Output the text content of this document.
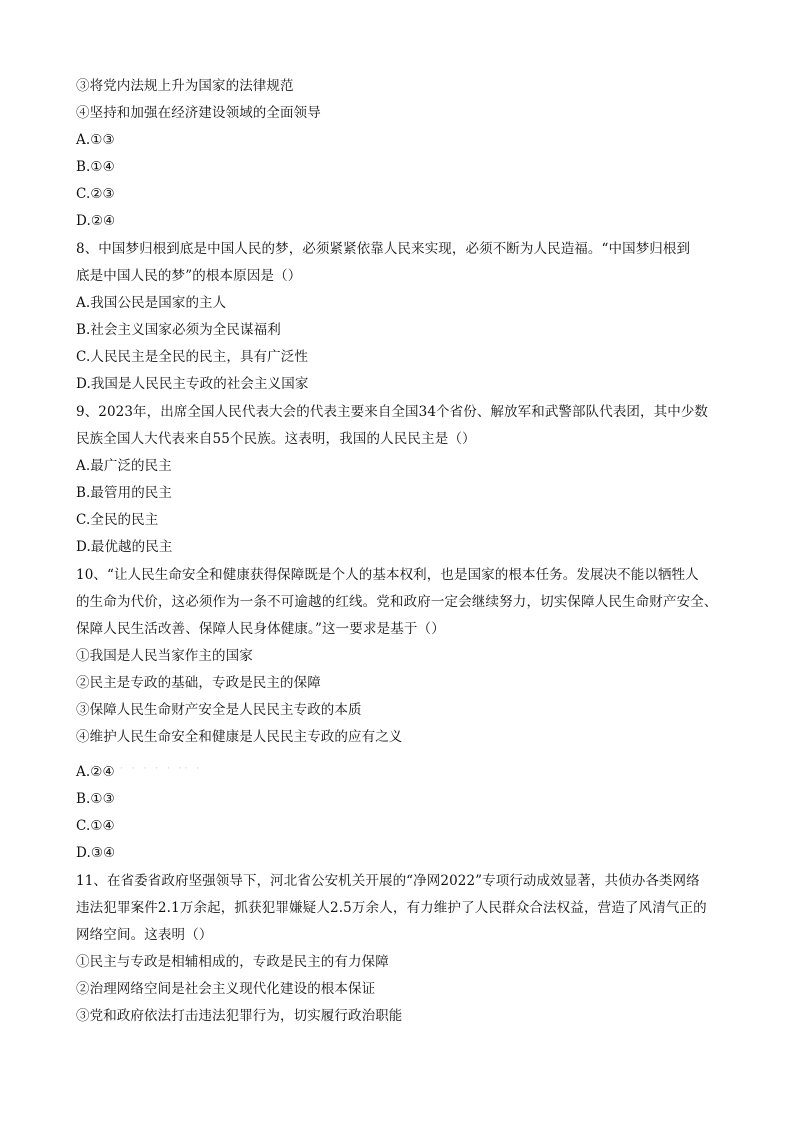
③将党内法规上升为国家的法律规范
④坚持和加强在经济建设领域的全面领导
A.①③
B.①④
C.②③
D.②④
8、中国梦归根到底是中国人民的梦，必须紧紧依靠人民来实现，必须不断为人民造福。“中国梦归根到
底是中国人民的梦”的根本原因是（）
A.我国公民是国家的主人
B.社会主义国家必须为全民谋福利
C.人民民主是全民的民主，具有广泛性
D.我国是人民民主专政的社会主义国家
9、2023年，出席全国人民代表大会的代表主要来自全国34个省份、解放军和武警部队代表团，其中少数
民族全国人大代表来自55个民族。这表明，我国的人民民主是（）
A.最广泛的民主
B.最管用的民主
C.全民的民主
D.最优越的民主
10、“让人民生命安全和健康获得保障既是个人的基本权利，也是国家的根本任务。发展决不能以牺牲人
的生命为代价，这必须作为一条不可逾越的红线。党和政府一定会继续努力，切实保障人民生命财产安全、
保障人民生活改善、保障人民身体健康。”这一要求是基于（）
①我国是人民当家作主的国家
②民主是专政的基础，专政是民主的保障
③保障人民生命财产安全是人民民主专政的本质
④维护人民生命安全和健康是人民民主专政的应有之义
A.②④ · · · · · ·· ·
B.①③
C.①④
D.③④
11、在省委省政府坚强领导下，河北省公安机关开展的“净网2022”专项行动成效显著，共侦办各类网络
违法犯罪案件2.1万余起，抓获犯罪嫌疑人2.5万余人，有力维护了人民群众合法权益，营造了风清气正的
网络空间。这表明（）
①民主与专政是相辅相成的，专政是民主的有力保障
②治理网络空间是社会主义现代化建设的根本保证
③党和政府依法打击违法犯罪行为，切实履行政治职能
